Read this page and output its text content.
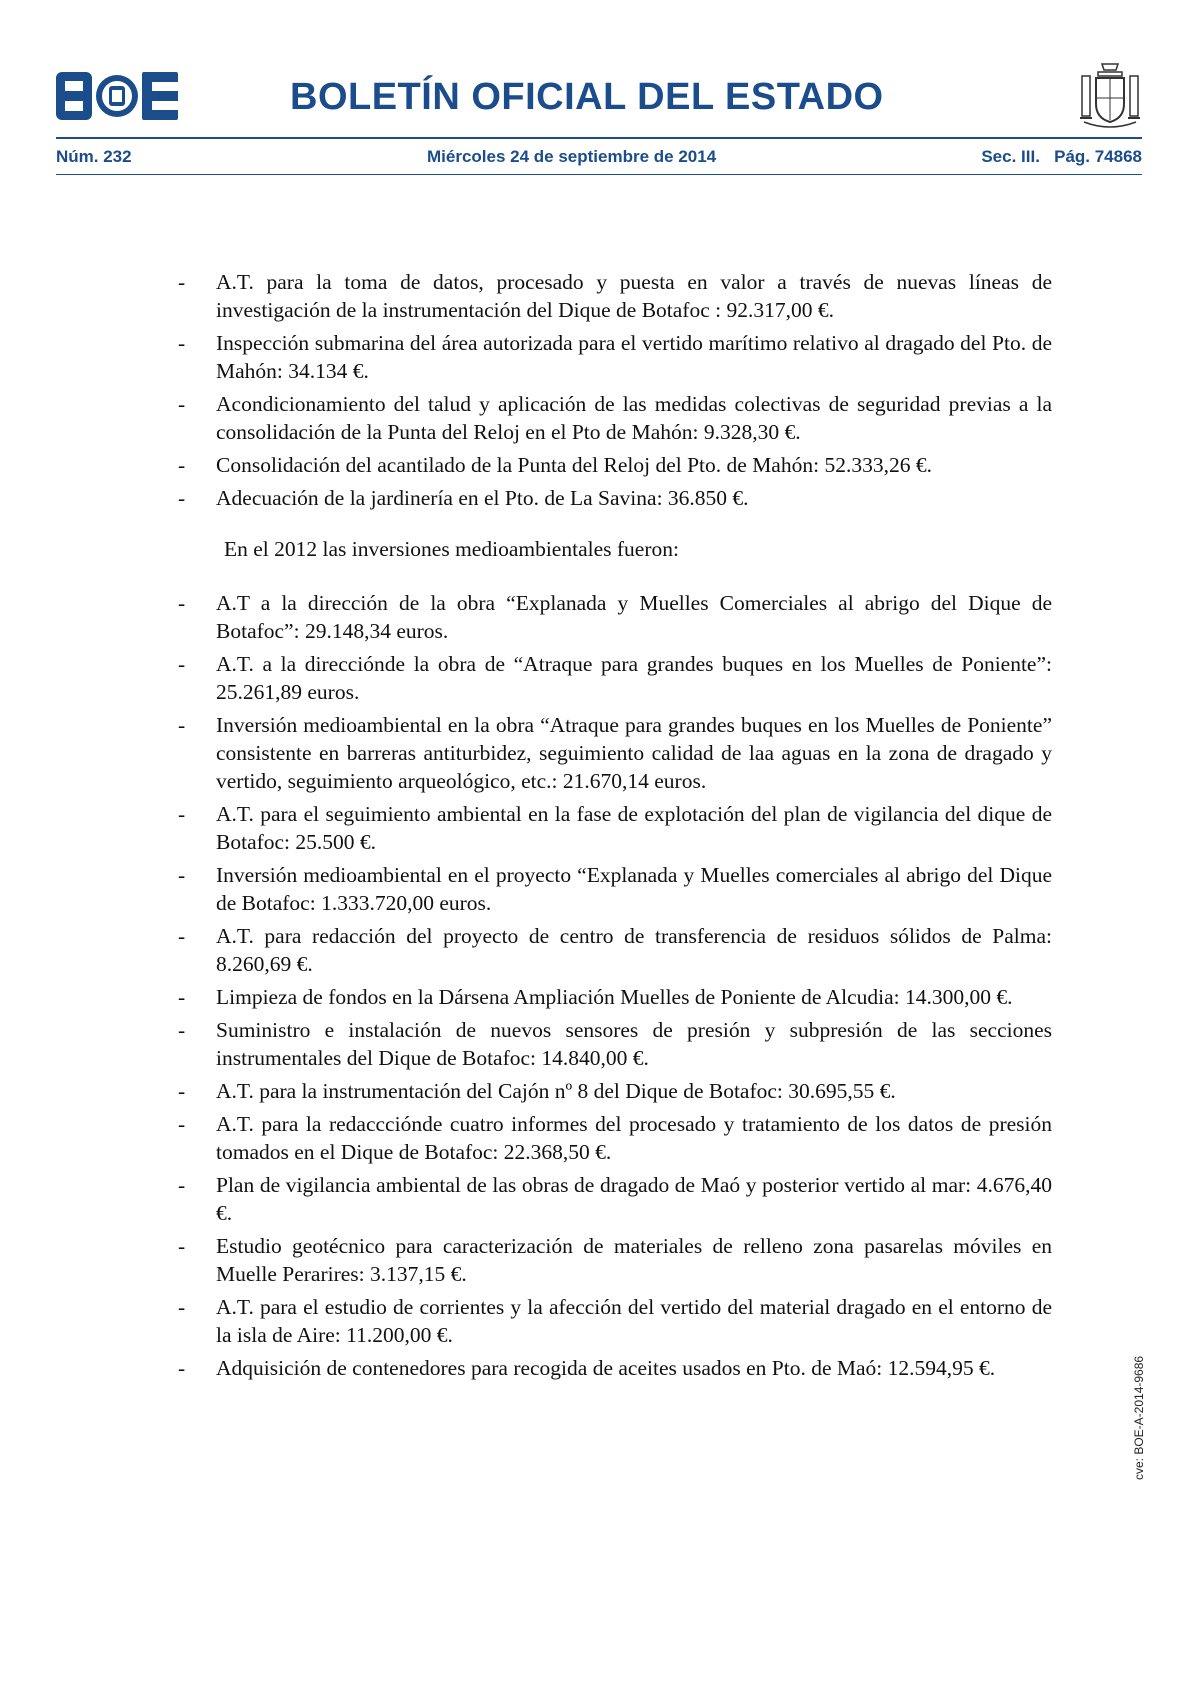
BOLETÍN OFICIAL DEL ESTADO
Núm. 232	Miércoles 24 de septiembre de 2014	Sec. III.   Pág. 74868
- A.T. para la toma de datos, procesado y puesta en valor a través de nuevas líneas de investigación de la instrumentación del Dique de Botafoc : 92.317,00 €.
- Inspección submarina del área autorizada para el vertido marítimo relativo al dragado del Pto. de Mahón: 34.134 €.
- Acondicionamiento del talud y aplicación de las medidas colectivas de seguridad previas a la consolidación de la Punta del Reloj en el Pto de Mahón: 9.328,30 €.
- Consolidación del acantilado de la Punta del Reloj del Pto. de Mahón: 52.333,26 €.
- Adecuación de la jardinería en el Pto. de La Savina: 36.850 €.
En el 2012 las inversiones medioambientales fueron:
- A.T a la dirección de la obra “Explanada y Muelles Comerciales al abrigo del Dique de Botafoc”: 29.148,34 euros.
- A.T. a la direcciónde la obra de “Atraque para grandes buques en los Muelles de Poniente”: 25.261,89 euros.
- Inversión medioambiental en la obra “Atraque para grandes buques en los Muelles de Poniente” consistente en barreras antiturbidez, seguimiento calidad de laa aguas en la zona de dragado y vertido, seguimiento arqueológico, etc.: 21.670,14 euros.
- A.T. para el seguimiento ambiental en la fase de explotación del plan de vigilancia del dique de Botafoc: 25.500 €.
- Inversión medioambiental en el proyecto “Explanada y Muelles comerciales al abrigo del Dique de Botafoc: 1.333.720,00 euros.
- A.T. para redacción del proyecto de centro de transferencia de residuos sólidos de Palma: 8.260,69 €.
- Limpieza de fondos en la Dársena Ampliación Muelles de Poniente de Alcudia: 14.300,00 €.
- Suministro e instalación de nuevos sensores de presión y subpresión de las secciones instrumentales del Dique de Botafoc: 14.840,00 €.
- A.T. para la instrumentación del Cajón nº 8 del Dique de Botafoc: 30.695,55 €.
- A.T. para la redaccciónde cuatro informes del procesado y tratamiento de los datos de presión tomados en el Dique de Botafoc: 22.368,50 €.
- Plan de vigilancia ambiental de las obras de dragado de Maó y posterior vertido al mar: 4.676,40 €.
- Estudio geotécnico para caracterización de materiales de relleno zona pasarelas móviles en Muelle Perarires: 3.137,15 €.
- A.T. para el estudio de corrientes y la afección del vertido del material dragado en el entorno de la isla de Aire: 11.200,00 €.
- Adquisición de contenedores para recogida de aceites usados en Pto. de Maó: 12.594,95 €.	cve: BOE-A-2014-9686
